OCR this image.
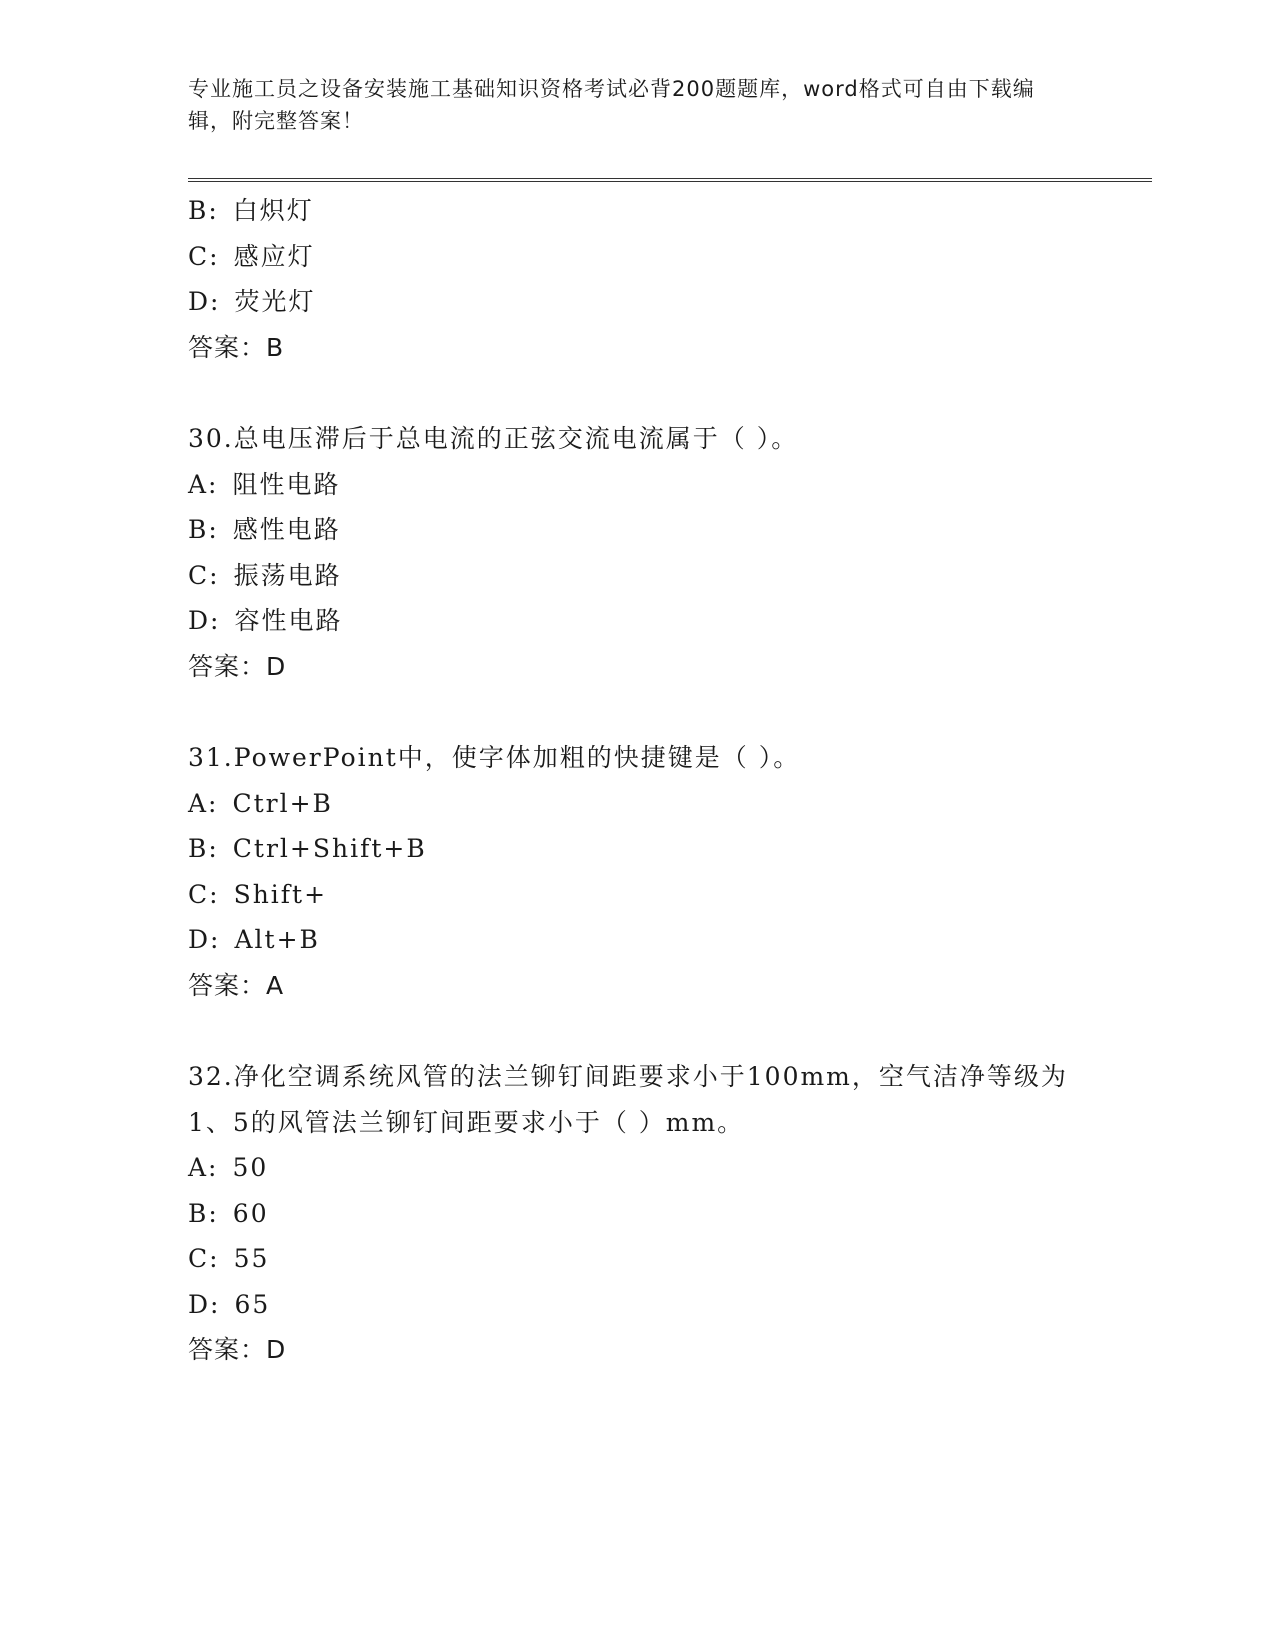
专业施工员之设备安装施工基础知识资格考试必背200题题库，word格式可自由下载编辑，附完整答案！
B: 白炽灯
C: 感应灯
D: 荧光灯
答案：B
30.总电压滞后于总电流的正弦交流电流属于（ ）。
A: 阻性电路
B: 感性电路
C: 振荡电路
D: 容性电路
答案：D
31.PowerPoint中，使字体加粗的快捷键是（ ）。
A: Ctrl+B
B: Ctrl+Shift+B
C: Shift+
D: Alt+B
答案：A
32.净化空调系统风管的法兰铆钉间距要求小于100mm，空气洁净等级为1、5的风管法兰铆钉间距要求小于（ ）mm。
A: 50
B: 60
C: 55
D: 65
答案：D
